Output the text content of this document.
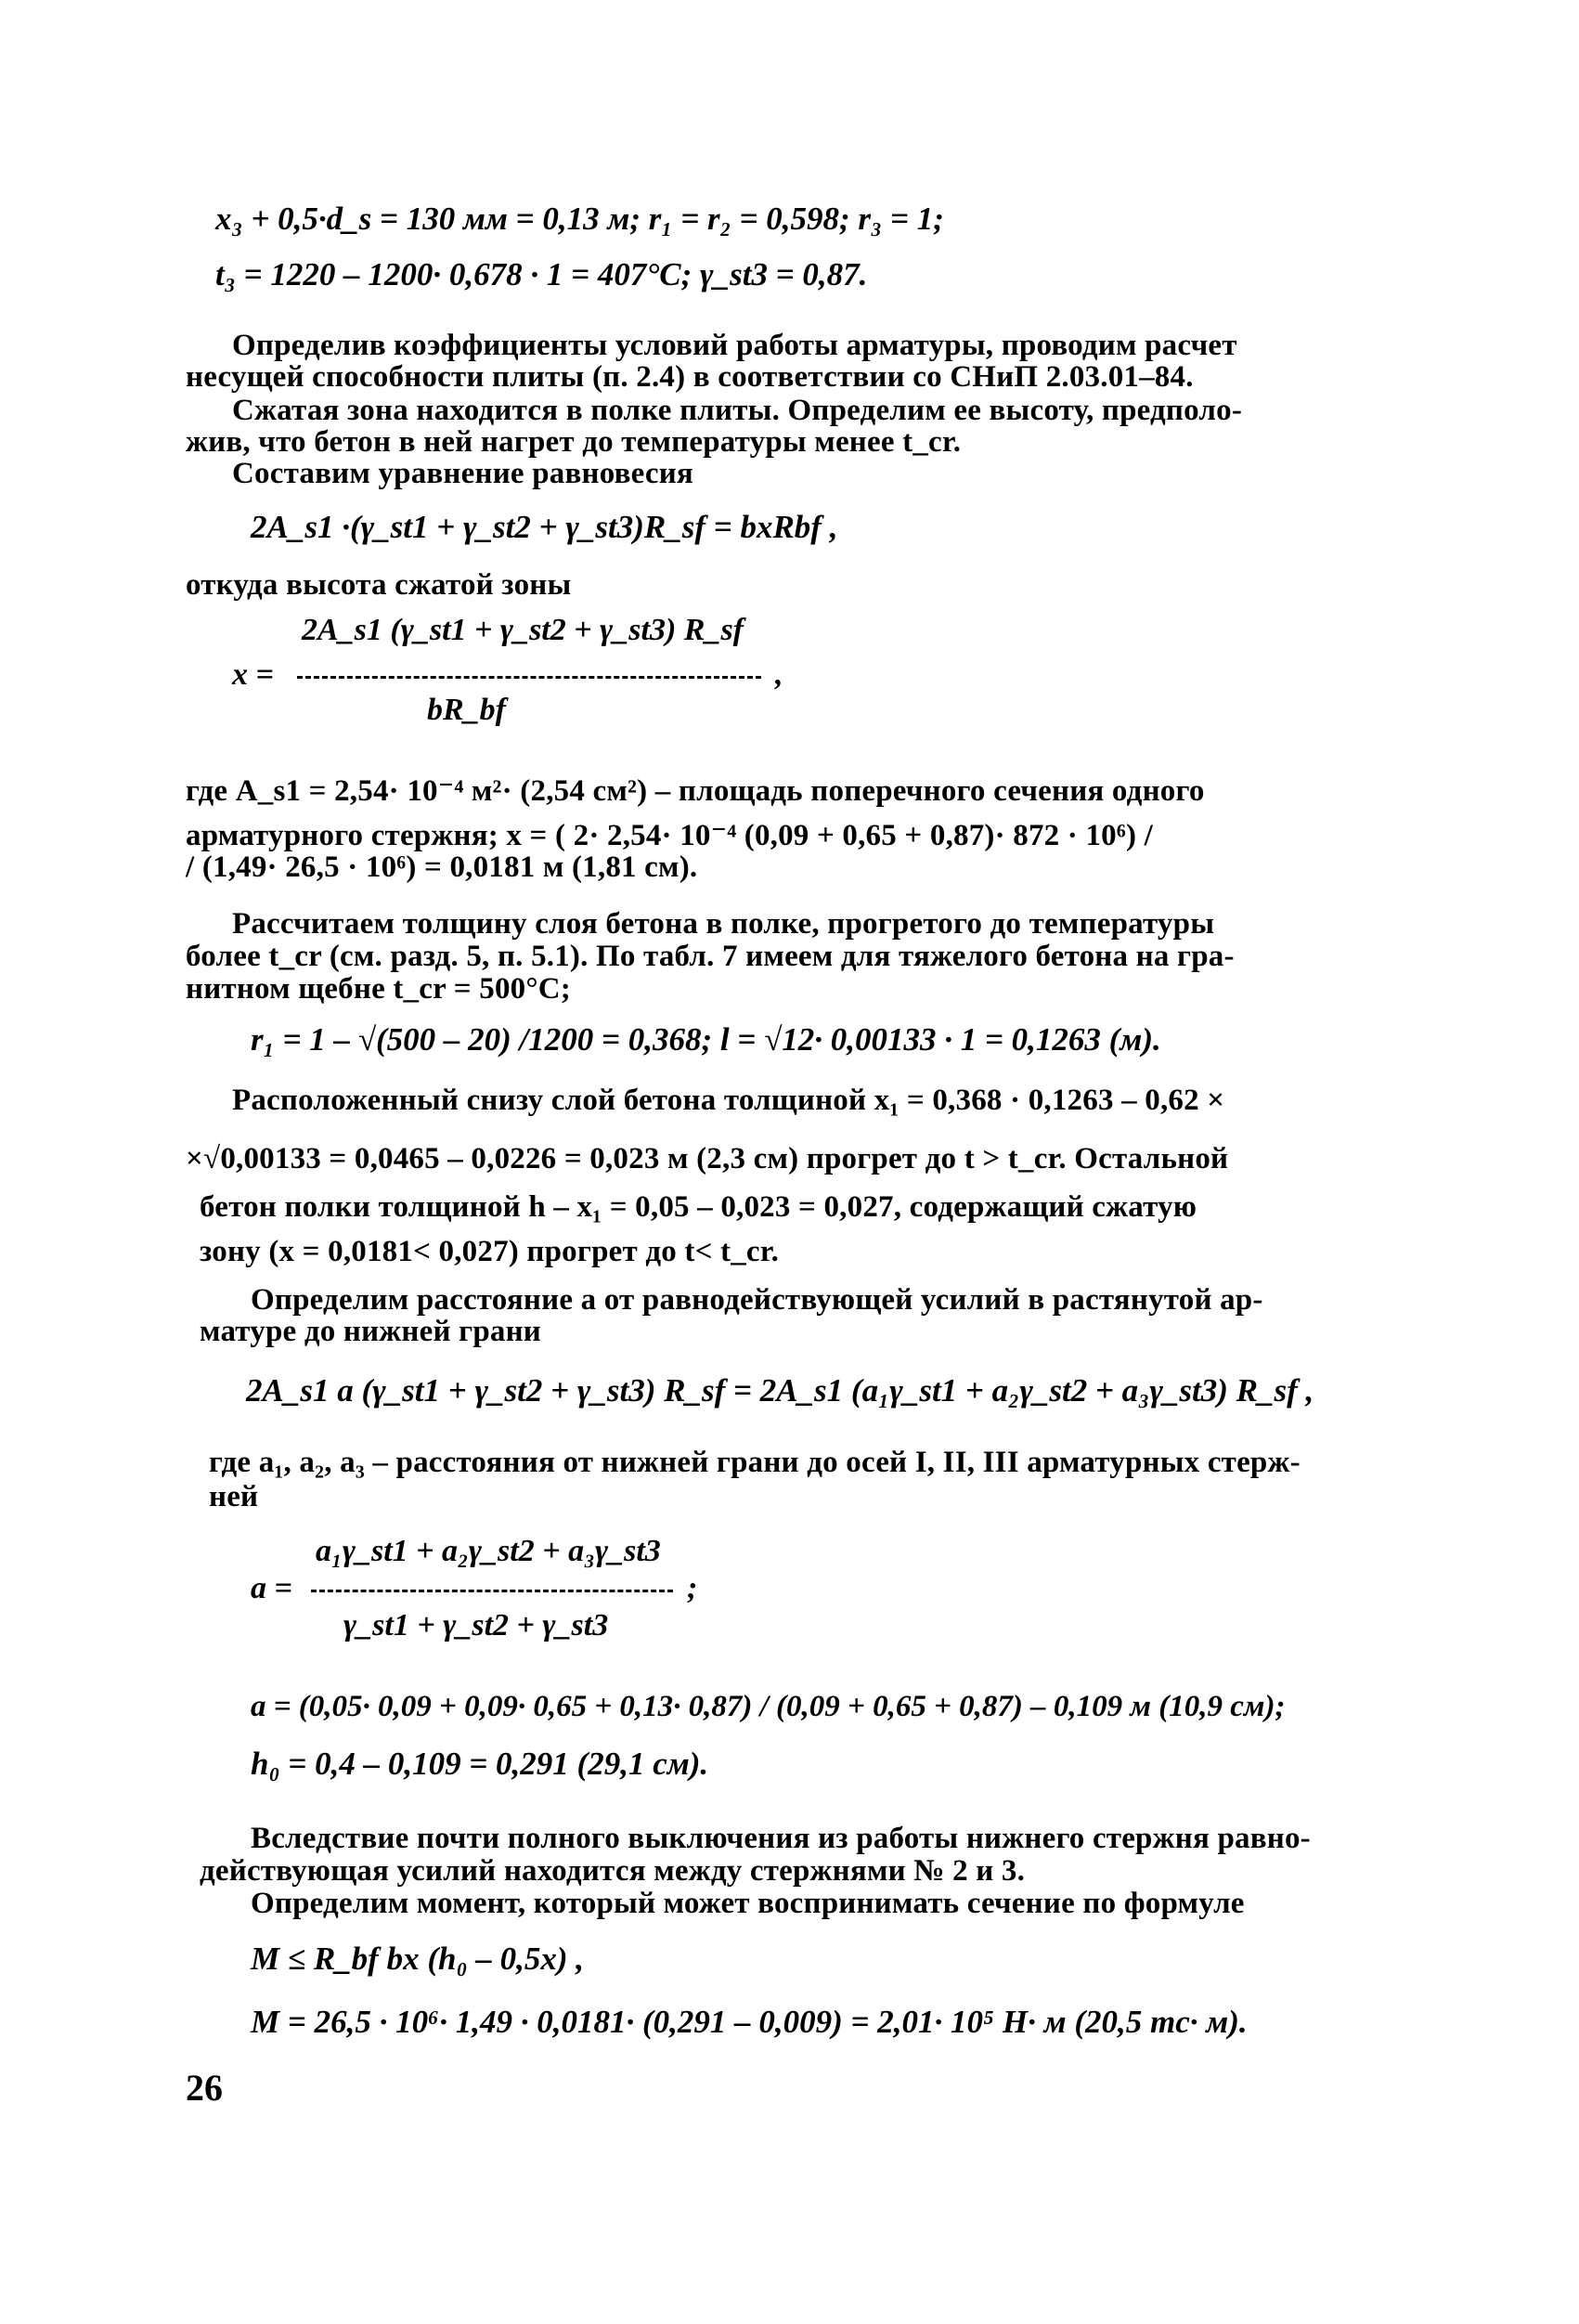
x₃ + 0,5·d_s = 130 мм = 0,13 м; r₁ = r₂ = 0,598; r₃ = 1;
t₃ = 1220 – 1200· 0,678 · 1 = 407°C; γ_st3 = 0,87.
Определив коэффициенты условий работы арматуры, проводим расчет
несущей способности плиты (п. 2.4) в соответствии со СНиП 2.03.01–84.
Сжатая зона находится в полке плиты. Определим ее высоту, предполо-
жив, что бетон в ней нагрет до температуры менее t_cr.
Составим уравнение равновесия
2A_s1 ·(γ_st1 + γ_st2 + γ_st3)R_sf = bxRbf ,
откуда высота сжатой зоны
x =
2A_s1 (γ_st1 + γ_st2 + γ_st3) R_sf
bR_bf
,
где A_s1 = 2,54· 10⁻⁴ м²· (2,54 см²) – площадь поперечного сечения одного
арматурного стержня; x = ( 2· 2,54· 10⁻⁴ (0,09 + 0,65 + 0,87)· 872 · 10⁶) /
/ (1,49· 26,5 · 10⁶) = 0,0181 м (1,81 см).
Рассчитаем толщину слоя бетона в полке, прогретого до температуры
более t_cr (см. разд. 5, п. 5.1). По табл. 7 имеем для тяжелого бетона на гра-
нитном щебне t_cr = 500°C;
r₁ = 1 – √(500 – 20) /1200 = 0,368; l = √12· 0,00133 · 1 = 0,1263 (м).
Расположенный снизу слой бетона толщиной x₁ = 0,368 · 0,1263 – 0,62 ×
×√0,00133 = 0,0465 – 0,0226 = 0,023 м (2,3 см) прогрет до t > t_cr. Остальной
бетон полки толщиной h – x₁ = 0,05 – 0,023 = 0,027, содержащий сжатую
зону (x = 0,0181< 0,027) прогрет до t< t_cr.
Определим расстояние a от равнодействующей усилий в растянутой ар-
матуре до нижней грани
2A_s1 a (γ_st1 + γ_st2 + γ_st3) R_sf = 2A_s1 (a₁γ_st1 + a₂γ_st2 + a₃γ_st3) R_sf ,
где a₁, a₂, a₃ – расстояния от нижней грани до осей I, II, III арматурных стерж-
ней
a =
a₁γ_st1 + a₂γ_st2 + a₃γ_st3
γ_st1 + γ_st2 + γ_st3
;
a = (0,05· 0,09 + 0,09· 0,65 + 0,13· 0,87) / (0,09 + 0,65 + 0,87) – 0,109 м (10,9 см);
h₀ = 0,4 – 0,109 = 0,291 (29,1 см).
Вследствие почти полного выключения из работы нижнего стержня равно-
действующая усилий находится между стержнями № 2 и 3.
Определим момент, который может воспринимать сечение по формуле
M ≤ R_bf bx (h₀ – 0,5x) ,
M = 26,5 · 10⁶· 1,49 · 0,0181· (0,291 – 0,009) = 2,01· 10⁵ Н· м (20,5 тс· м).
26
